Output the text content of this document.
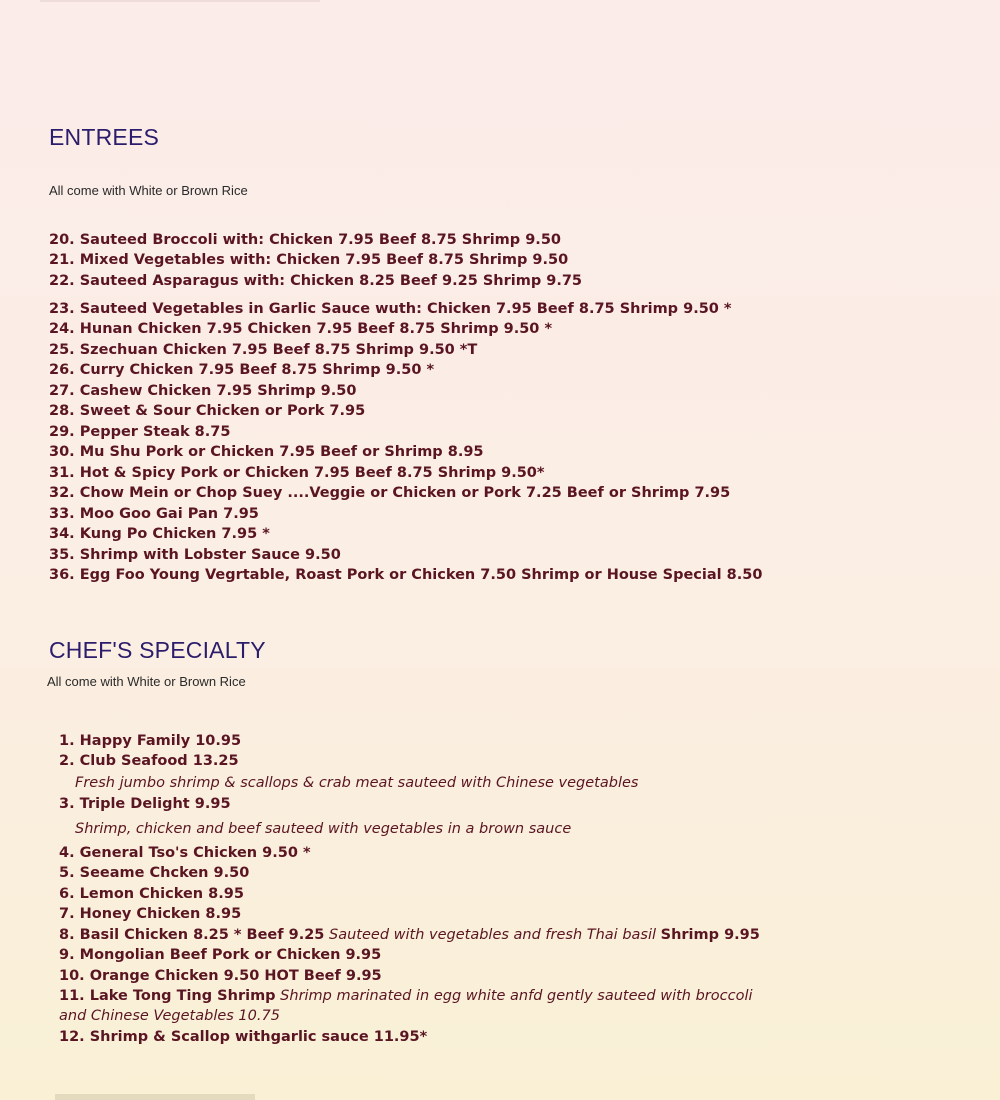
ENTREES

All come with White or Brown Rice

20. Sauteed Broccoli with: Chicken 7.95 Beef 8.75 Shrimp 9.50
21. Mixed Vegetables with: Chicken 7.95 Beef 8.75 Shrimp 9.50
22. Sauteed Asparagus with: Chicken 8.25 Beef 9.25 Shrimp 9.75
23. Sauteed Vegetables in Garlic Sauce wuth: Chicken 7.95 Beef 8.75 Shrimp 9.50 *
24. Hunan Chicken 7.95 Chicken 7.95 Beef 8.75 Shrimp 9.50 *
25. Szechuan Chicken 7.95 Beef 8.75 Shrimp 9.50 *T
26. Curry Chicken 7.95 Beef 8.75 Shrimp 9.50 *
27. Cashew Chicken 7.95 Shrimp 9.50
28. Sweet & Sour Chicken or Pork 7.95
29. Pepper Steak 8.75
30. Mu Shu Pork or Chicken 7.95 Beef or Shrimp 8.95
31. Hot & Spicy Pork or Chicken 7.95 Beef 8.75 Shrimp 9.50*
32. Chow Mein or Chop Suey ....Veggie or Chicken or Pork 7.25 Beef or Shrimp 7.95
33. Moo Goo Gai Pan 7.95
34. Kung Po Chicken 7.95 *
35. Shrimp with Lobster Sauce 9.50
36. Egg Foo Young Vegrtable, Roast Pork or Chicken 7.50 Shrimp or House Special 8.50
CHEF'S SPECIALTY

All come with White or Brown Rice

1. Happy Family 10.95
2. Club Seafood 13.25
Fresh jumbo shrimp & scallops & crab meat sauteed with Chinese vegetables
3. Triple Delight 9.95
Shrimp, chicken and beef sauteed with vegetables in a brown sauce
4. General Tso's Chicken 9.50 *
5. Seeame Chcken 9.50
6. Lemon Chicken 8.95
7. Honey Chicken 8.95
8. Basil Chicken 8.25 * Beef 9.25 Sauteed with vegetables and fresh Thai basil Shrimp 9.95
9. Mongolian Beef Pork or Chicken 9.95
10. Orange Chicken 9.50 HOT Beef 9.95
11. Lake Tong Ting Shrimp Shrimp marinated in egg white anfd gently sauteed with broccoli
and Chinese Vegetables 10.75
12. Shrimp & Scallop withgarlic sauce 11.95*
